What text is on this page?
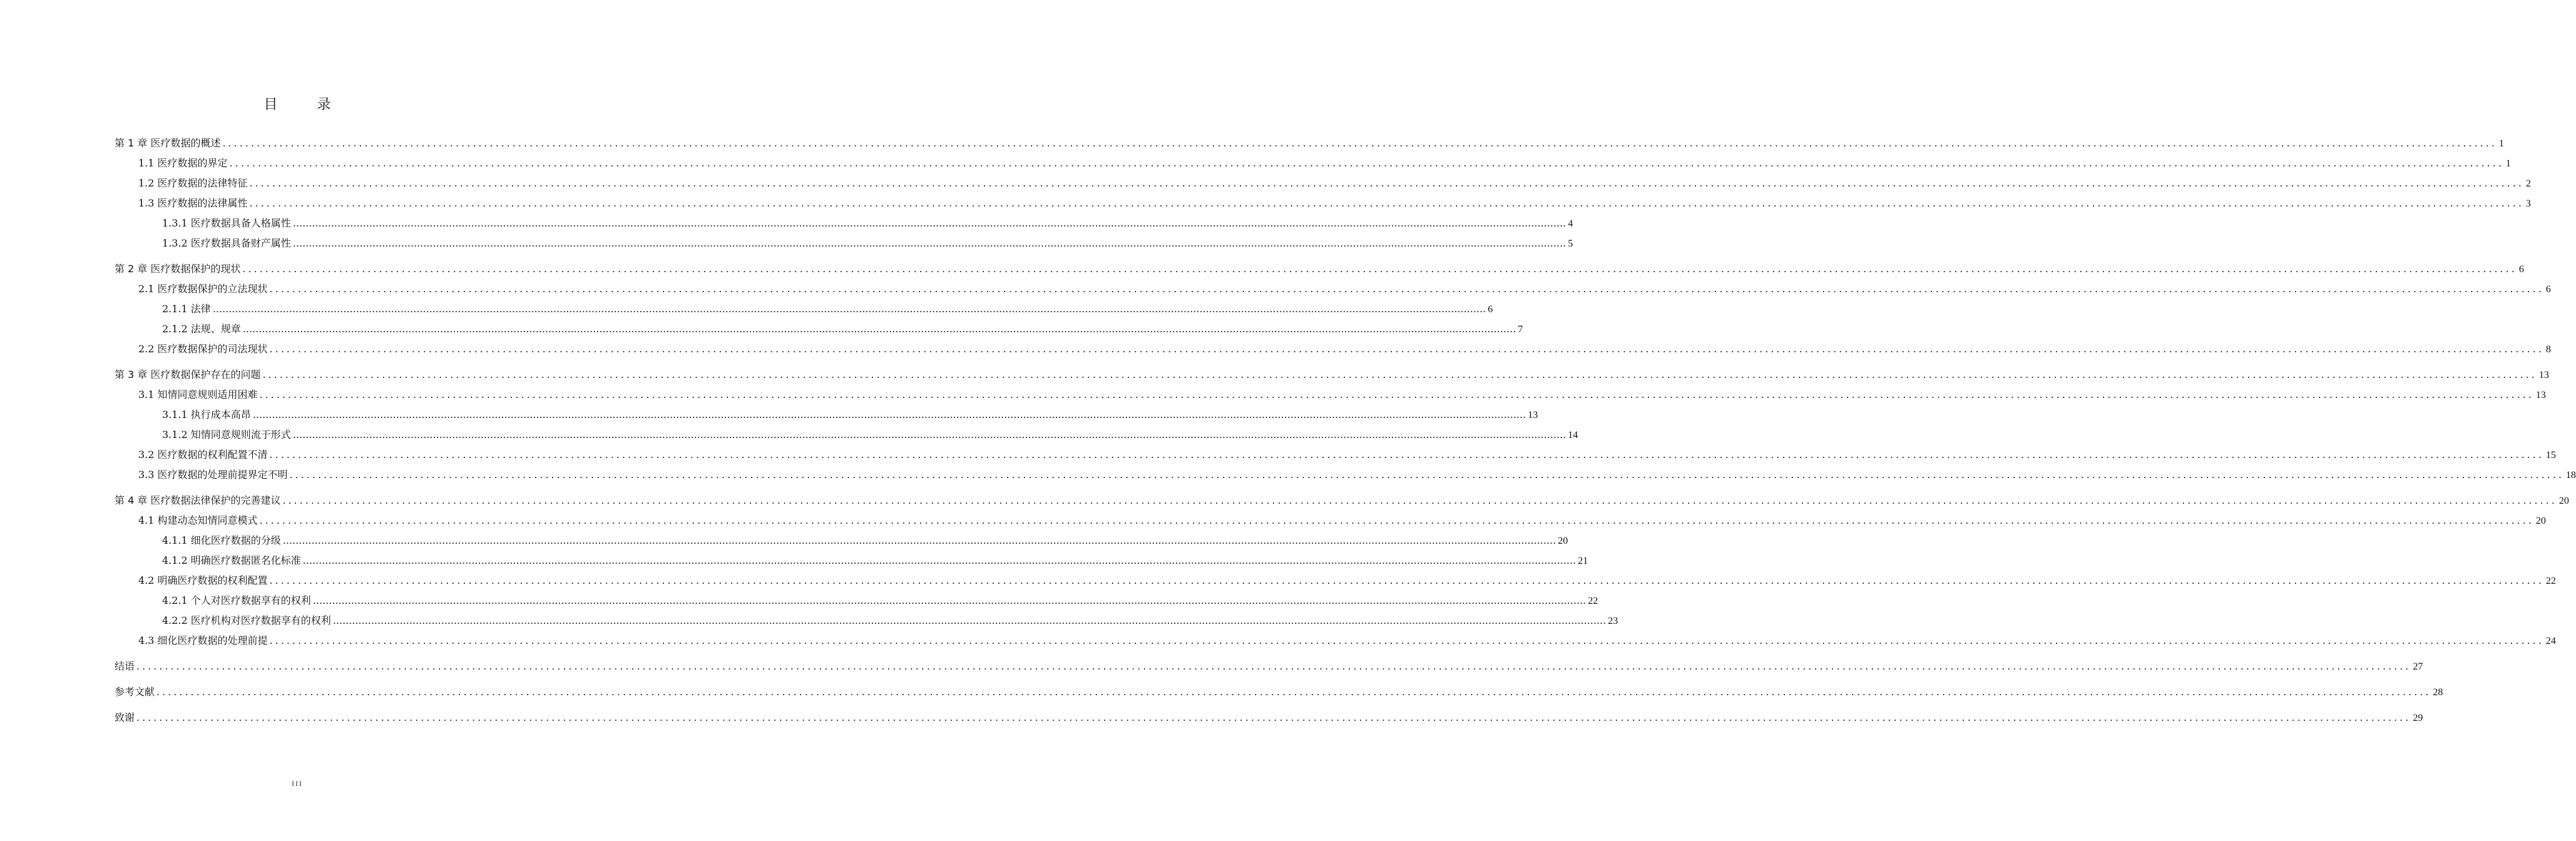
目 录
第 1 章 医疗数据的概述 ................................................................................................................................................................................................................................................................................................................................................................................................................ 1
1.1 医疗数据的界定 ................................................................................................................................................................................................................................................................................................................................................................................................................ 1
1.2 医疗数据的法律特征 ................................................................................................................................................................................................................................................................................................................................................................................................................ 2
1.3 医疗数据的法律属性 ................................................................................................................................................................................................................................................................................................................................................................................................................ 3
1.3.1 医疗数据具备人格属性 ................................................................................................................................................................................................................................................................................................................................................................................................................ 4
1.3.2 医疗数据具备财产属性 ................................................................................................................................................................................................................................................................................................................................................................................................................ 5
第 2 章 医疗数据保护的现状 ................................................................................................................................................................................................................................................................................................................................................................................................................ 6
2.1 医疗数据保护的立法现状 ................................................................................................................................................................................................................................................................................................................................................................................................................ 6
2.1.1 法律 ................................................................................................................................................................................................................................................................................................................................................................................................................ 6
2.1.2 法规、规章 ................................................................................................................................................................................................................................................................................................................................................................................................................ 7
2.2 医疗数据保护的司法现状 ................................................................................................................................................................................................................................................................................................................................................................................................................ 8
第 3 章 医疗数据保护存在的问题 ................................................................................................................................................................................................................................................................................................................................................................................................................ 13
3.1 知情同意规则适用困难 ................................................................................................................................................................................................................................................................................................................................................................................................................ 13
3.1.1 执行成本高昂 ................................................................................................................................................................................................................................................................................................................................................................................................................ 13
3.1.2 知情同意规则流于形式 ................................................................................................................................................................................................................................................................................................................................................................................................................ 14
3.2 医疗数据的权利配置不清 ................................................................................................................................................................................................................................................................................................................................................................................................................ 15
3.3 医疗数据的处理前提界定不明 ................................................................................................................................................................................................................................................................................................................................................................................................................ 18
第 4 章 医疗数据法律保护的完善建议 ................................................................................................................................................................................................................................................................................................................................................................................................................ 20
4.1 构建动态知情同意模式 ................................................................................................................................................................................................................................................................................................................................................................................................................ 20
4.1.1 细化医疗数据的分级 ................................................................................................................................................................................................................................................................................................................................................................................................................ 20
4.1.2 明确医疗数据匿名化标准 ................................................................................................................................................................................................................................................................................................................................................................................................................ 21
4.2 明确医疗数据的权利配置 ................................................................................................................................................................................................................................................................................................................................................................................................................ 22
4.2.1 个人对医疗数据享有的权利 ................................................................................................................................................................................................................................................................................................................................................................................................................ 22
4.2.2 医疗机构对医疗数据享有的权利 ................................................................................................................................................................................................................................................................................................................................................................................................................ 23
4.3 细化医疗数据的处理前提 ................................................................................................................................................................................................................................................................................................................................................................................................................ 24
结语 ................................................................................................................................................................................................................................................................................................................................................................................................................ 27
参考文献 ................................................................................................................................................................................................................................................................................................................................................................................................................ 28
致谢 ................................................................................................................................................................................................................................................................................................................................................................................................................ 29
III
